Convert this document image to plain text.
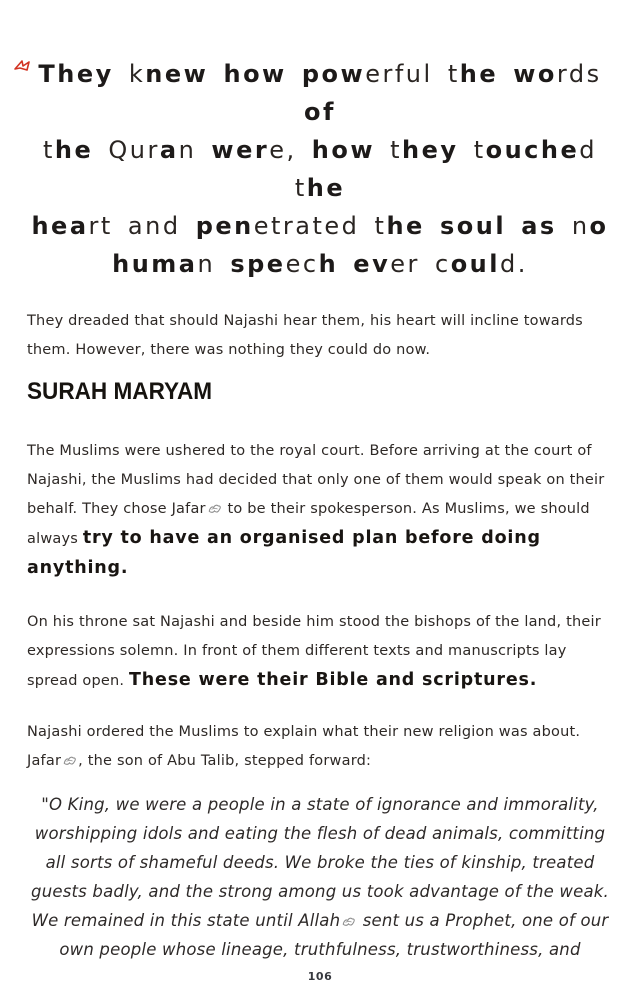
They knew how powerful the words of
the Quran were, how they touched the
heart and penetrated the soul as no
human speech ever could.

They dreaded that should Najashi hear them, his heart will incline towards them. However, there was nothing they could do now.

SURAH MARYAM

The Muslims were ushered to the royal court. Before arriving at the court of Najashi, the Muslims had decided that only one of them would speak on their behalf. They chose Jafar to be their spokesperson. As Muslims, we should always try to have an organised plan before doing anything.

On his throne sat Najashi and beside him stood the bishops of the land, their expressions solemn. In front of them different texts and manuscripts lay spread open. These were their Bible and scriptures.

Najashi ordered the Muslims to explain what their new religion was about. Jafar , the son of Abu Talib, stepped forward:

"O King, we were a people in a state of ignorance and immorality, worshipping idols and eating the flesh of dead animals, committing all sorts of shameful deeds. We broke the ties of kinship, treated guests badly, and the strong among us took advantage of the weak. We remained in this state until Allah sent us a Prophet, one of our own people whose lineage, truthfulness, trustworthiness, and

106
